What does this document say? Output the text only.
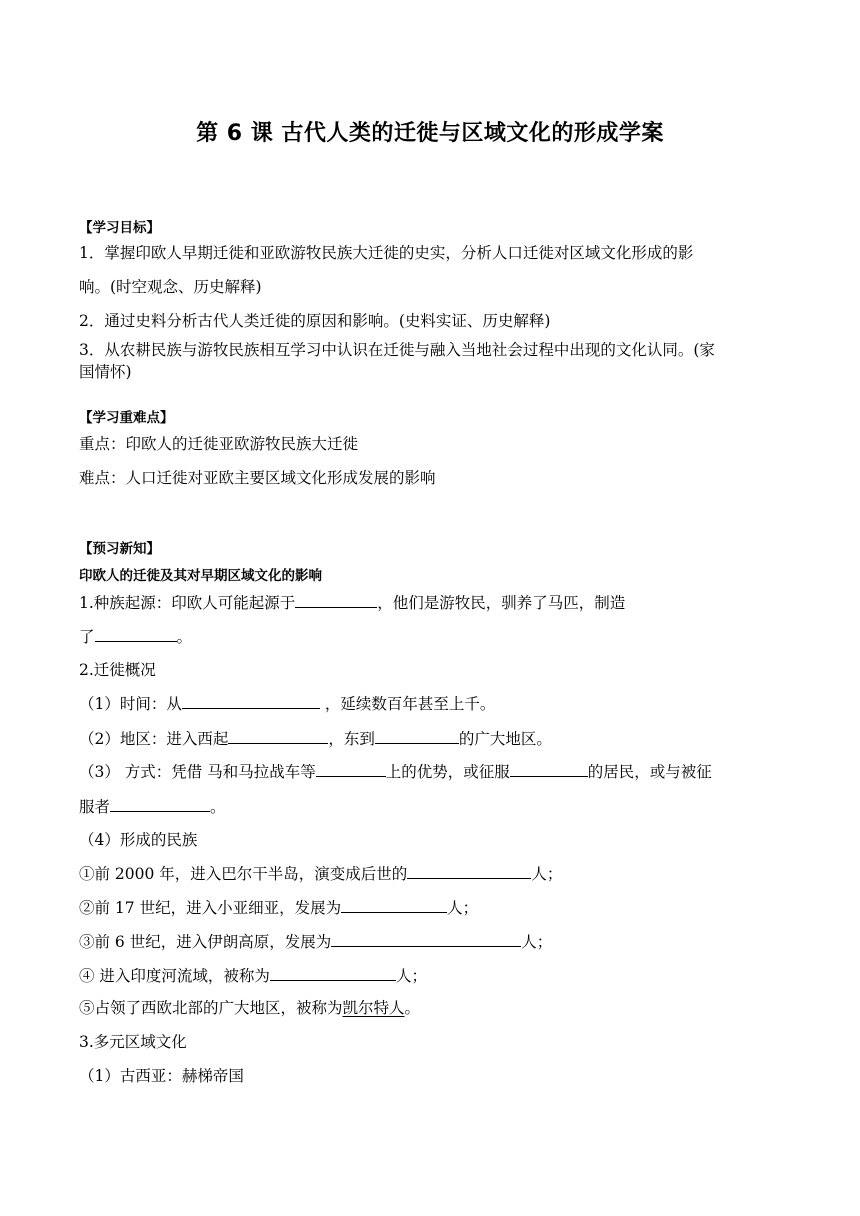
第 6 课 古代人类的迁徙与区域文化的形成学案
【学习目标】
1．掌握印欧人早期迁徙和亚欧游牧民族大迁徙的史实，分析人口迁徙对区域文化形成的影
响。(时空观念、历史解释)
2．通过史料分析古代人类迁徙的原因和影响。(史料实证、历史解释)
3．从农耕民族与游牧民族相互学习中认识在迁徙与融入当地社会过程中出现的文化认同。(家
国情怀)
【学习重难点】
重点：印欧人的迁徙亚欧游牧民族大迁徙
难点：人口迁徙对亚欧主要区域文化形成发展的影响
【预习新知】
印欧人的迁徙及其对早期区域文化的影响
1.种族起源：印欧人可能起源于	，他们是游牧民，驯养了马匹，制造
了	。
2.迁徙概况
（1）时间：从	，延续数百年甚至上千。
（2）地区：进入西起	，东到	的广大地区。
（3） 方式：凭借 马和马拉战车等	上的优势，或征服	的居民，或与被征
服者	。
（4）形成的民族
①前 2000 年，进入巴尔干半岛，演变成后世的	人；
②前 17 世纪，进入小亚细亚，发展为	人；
③前 6 世纪，进入伊朗高原，发展为	人；
④ 进入印度河流域，被称为	人；
⑤占领了西欧北部的广大地区，被称为凯尔特人。
3.多元区域文化
（1）古西亚：赫梯帝国
